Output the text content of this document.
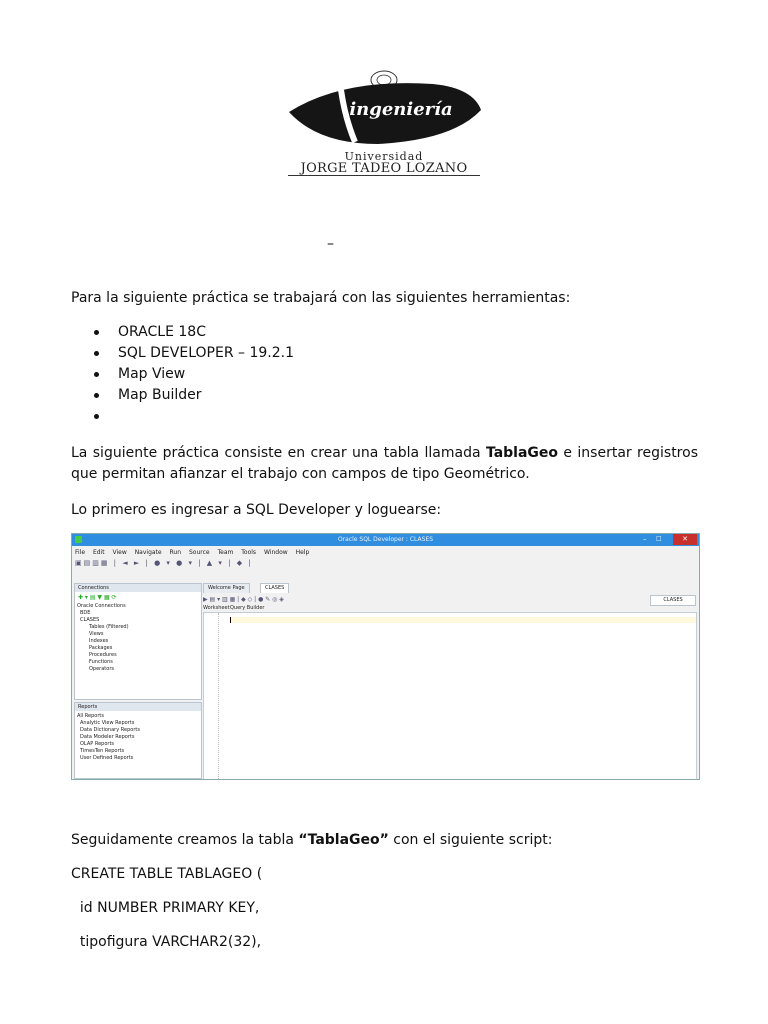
ingeniería
Universidad
JORGE TADEO LOZANO
–
Para la siguiente práctica se trabajará con las siguientes herramientas:
ORACLE 18C
SQL DEVELOPER – 19.2.1
Map View
Map Builder
La siguiente práctica consiste en crear una tabla llamada TablaGeo e insertar registros que permitan afianzar el trabajo con campos de tipo Geométrico.
Lo primero es ingresar a SQL Developer y loguearse:
Oracle SQL Developer : CLASES	–	□	✕
File Edit View Navigate Run Source Team Tools Window Help
▣▤▥▦ | ◄ ► | ● ▾ ● ▾ | ▲ ▾ | ◆ |
Connections
✚ ▾ ▤ ▼ ▦ ⟳
Oracle Connections
BDE
CLASES
Tables (Filtered)
Views
Indexes
Packages
Procedures
Functions
Operators
Reports
All Reports
Analytic View Reports
Data Dictionary Reports
Data Modeler Reports
OLAP Reports
TimesTen Reports
User Defined Reports
Welcome Page	CLASES
▶ ▤ ▾ ▥ ▦ | ◆ ◇ | ● ✎ ◎ ◈	CLASES
Worksheet Query Builder
Seguidamente creamos la tabla “TablaGeo” con el siguiente script:
CREATE TABLE TABLAGEO (
id NUMBER PRIMARY KEY,
tipofigura VARCHAR2(32),
